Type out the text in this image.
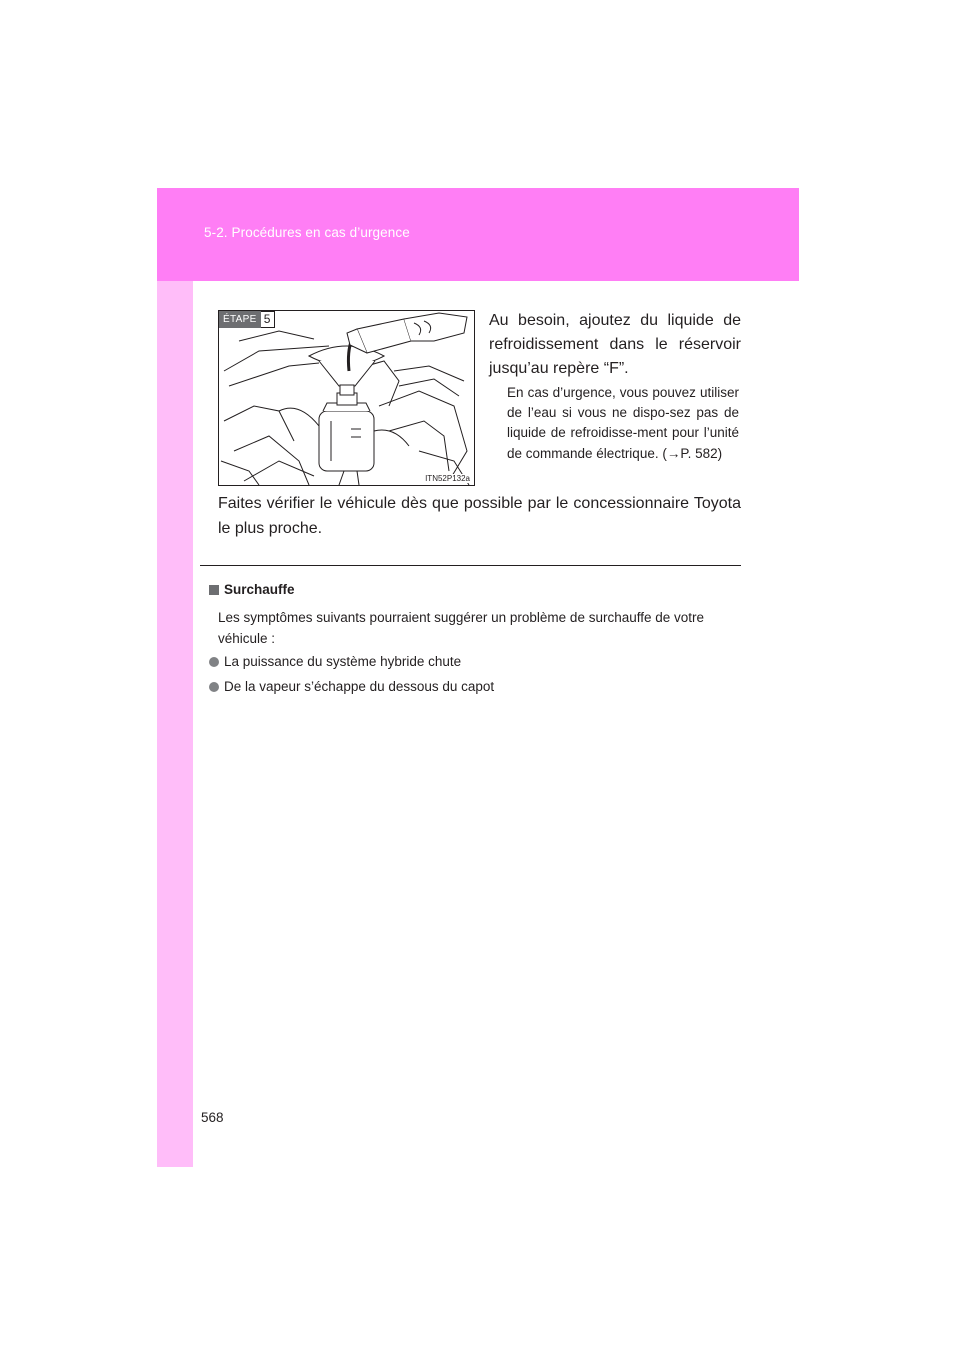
5-2. Procédures en cas d’urgence
ÉTAPE 5
ITN52P132a
Au besoin, ajoutez du liquide de refroidissement dans le réservoir jusqu’au repère “F”.
En cas d’urgence, vous pouvez utiliser de l’eau si vous ne dispo-sez pas de liquide de refroidisse-ment pour l’unité de commande électrique. (→P. 582)
Faites vérifier le véhicule dès que possible par le concessionnaire Toyota le plus proche.
Surchauffe
Les symptômes suivants pourraient suggérer un problème de surchauffe de votre véhicule :
La puissance du système hybride chute
De la vapeur s’échappe du dessous du capot
568
